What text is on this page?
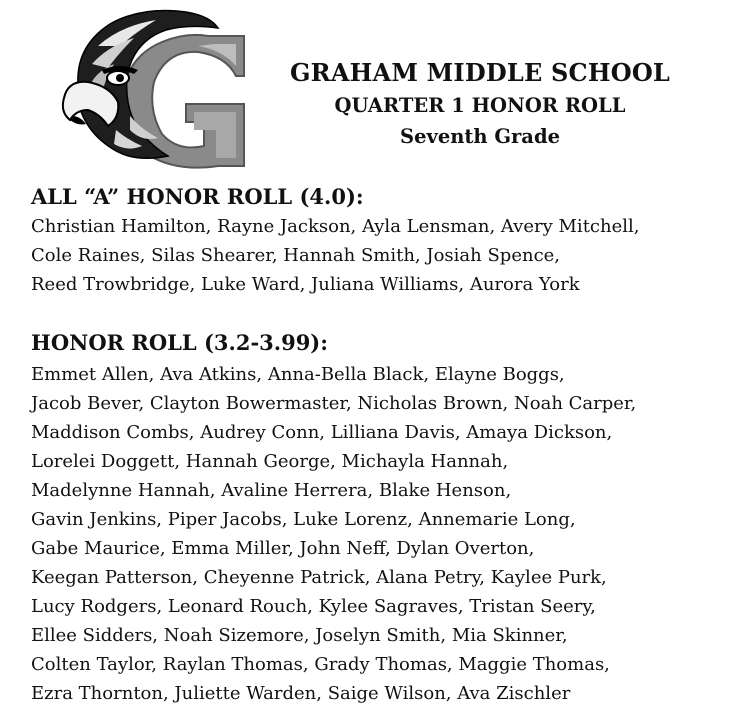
GRAHAM MIDDLE SCHOOL
QUARTER 1 HONOR ROLL
Seventh Grade
ALL “A” HONOR ROLL (4.0):
Christian Hamilton, Rayne Jackson, Ayla Lensman, Avery Mitchell,
Cole Raines, Silas Shearer, Hannah Smith, Josiah Spence,
Reed Trowbridge, Luke Ward, Juliana Williams, Aurora York
HONOR ROLL (3.2-3.99):
Emmet Allen, Ava Atkins, Anna-Bella Black, Elayne Boggs,
Jacob Bever, Clayton Bowermaster, Nicholas Brown, Noah Carper,
Maddison Combs, Audrey Conn, Lilliana Davis, Amaya Dickson,
Lorelei Doggett, Hannah George, Michayla Hannah,
Madelynne Hannah, Avaline Herrera, Blake Henson,
Gavin Jenkins, Piper Jacobs, Luke Lorenz, Annemarie Long,
Gabe Maurice, Emma Miller, John Neff, Dylan Overton,
Keegan Patterson, Cheyenne Patrick, Alana Petry, Kaylee Purk,
Lucy Rodgers, Leonard Rouch, Kylee Sagraves, Tristan Seery,
Ellee Sidders, Noah Sizemore, Joselyn Smith, Mia Skinner,
Colten Taylor, Raylan Thomas, Grady Thomas, Maggie Thomas,
Ezra Thornton, Juliette Warden, Saige Wilson, Ava Zischler
